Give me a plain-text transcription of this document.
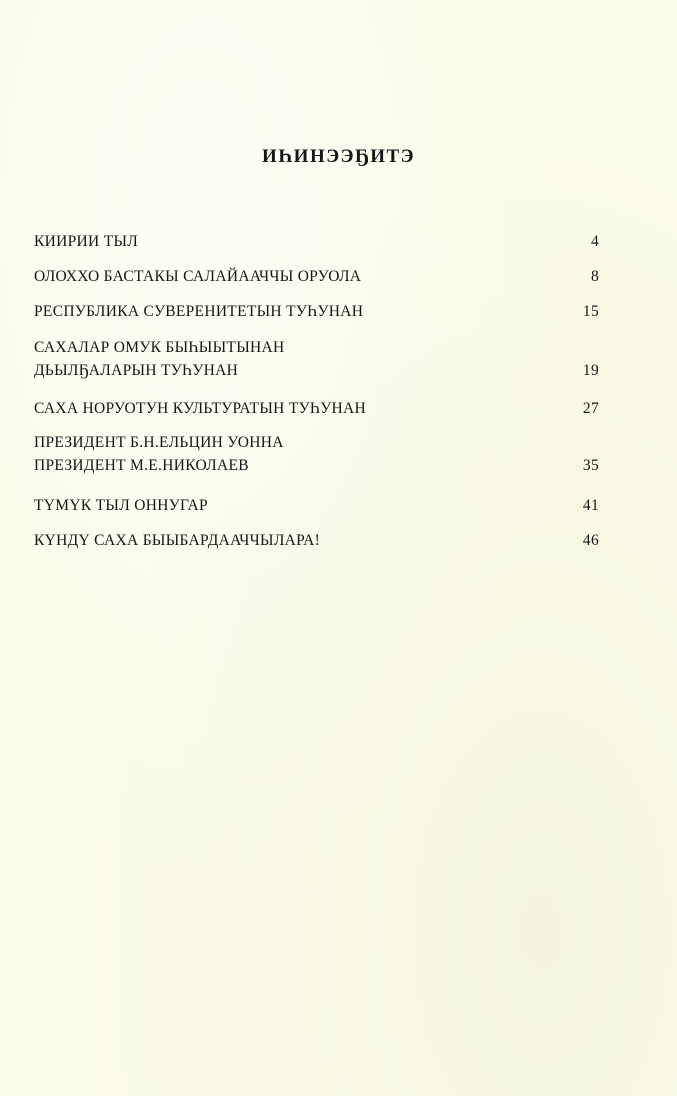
ИҺИНЭЭҔИТЭ
КИИРИИ ТЫЛ	4
ОЛОХХО БАСТАКЫ САЛАЙААЧЧЫ ОРУОЛА	8
РЕСПУБЛИКА СУВЕРЕНИТЕТЫН ТУҺУНАН	15
САХАЛАР ОМУК БЫҺЫЫТЫНАН
ДЬЫЛҔАЛАРЫН ТУҺУНАН	19
САХА НОРУОТУН КУЛЬТУРАТЫН ТУҺУНАН	27
ПРЕЗИДЕНТ Б.Н.ЕЛЬЦИН УОННА
ПРЕЗИДЕНТ М.Е.НИКОЛАЕВ	35
ТҮМҮК ТЫЛ ОННУГАР	41
КҮНДҮ САХА БЫЫБАРДААЧЧЫЛАРА!	46
